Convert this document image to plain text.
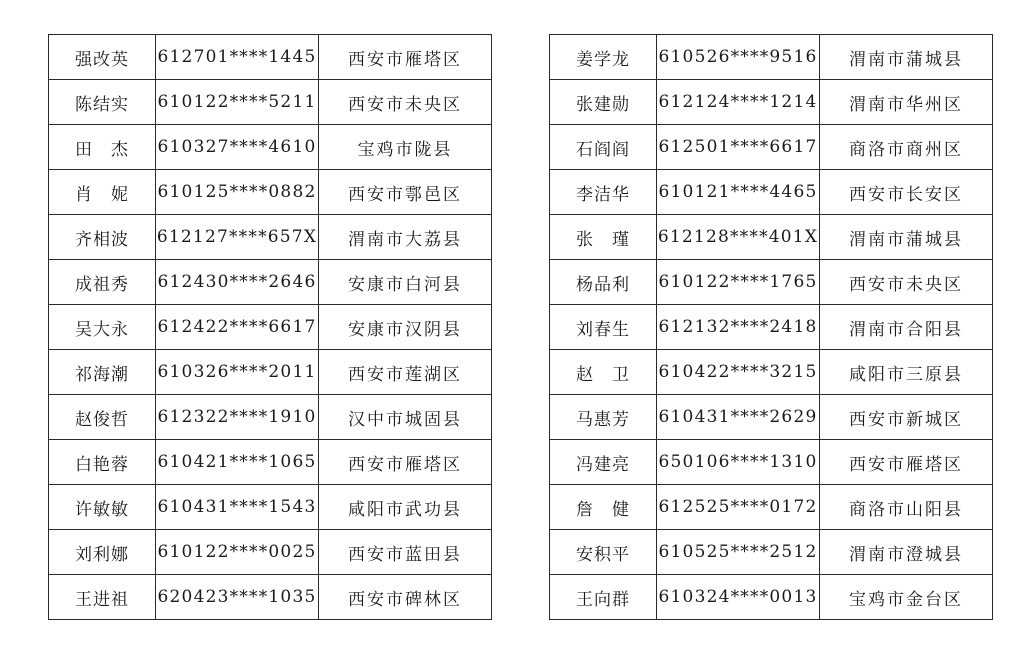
强改英	612701****1445	西安市雁塔区
陈结实	610122****5211	西安市未央区
田　杰	610327****4610	宝鸡市陇县
肖　妮	610125****0882	西安市鄠邑区
齐相波	612127****657X	渭南市大荔县
成祖秀	612430****2646	安康市白河县
吴大永	612422****6617	安康市汉阴县
祁海潮	610326****2011	西安市莲湖区
赵俊哲	612322****1910	汉中市城固县
白艳蓉	610421****1065	西安市雁塔区
许敏敏	610431****1543	咸阳市武功县
刘利娜	610122****0025	西安市蓝田县
王进祖	620423****1035	西安市碑林区
姜学龙	610526****9516	渭南市蒲城县
张建勋	612124****1214	渭南市华州区
石阎阎	612501****6617	商洛市商州区
李洁华	610121****4465	西安市长安区
张　瑾	612128****401X	渭南市蒲城县
杨品利	610122****1765	西安市未央区
刘春生	612132****2418	渭南市合阳县
赵　卫	610422****3215	咸阳市三原县
马惠芳	610431****2629	西安市新城区
冯建亮	650106****1310	西安市雁塔区
詹　健	612525****0172	商洛市山阳县
安积平	610525****2512	渭南市澄城县
王向群	610324****0013	宝鸡市金台区
